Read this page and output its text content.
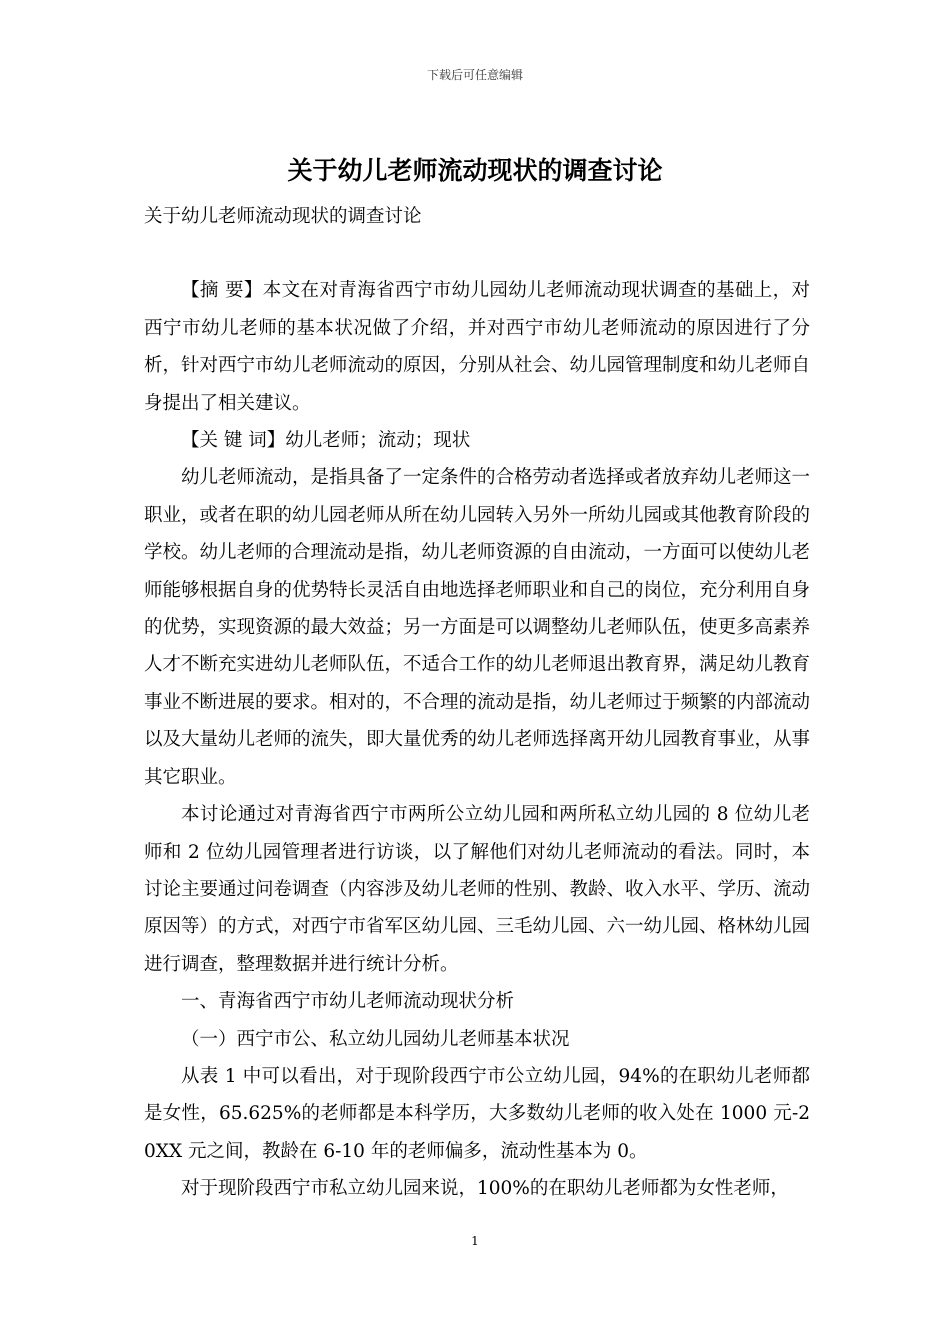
下载后可任意编辑
关于幼儿老师流动现状的调查讨论

关于幼儿老师流动现状的调查讨论

【摘 要】本文在对青海省西宁市幼儿园幼儿老师流动现状调查的基础上，对西宁市幼儿老师的基本状况做了介绍，并对西宁市幼儿老师流动的原因进行了分析，针对西宁市幼儿老师流动的原因，分别从社会、幼儿园管理制度和幼儿老师自身提出了相关建议。

【关 键 词】幼儿老师；流动；现状

幼儿老师流动，是指具备了一定条件的合格劳动者选择或者放弃幼儿老师这一职业，或者在职的幼儿园老师从所在幼儿园转入另外一所幼儿园或其他教育阶段的学校。幼儿老师的合理流动是指，幼儿老师资源的自由流动，一方面可以使幼儿老师能够根据自身的优势特长灵活自由地选择老师职业和自己的岗位，充分利用自身的优势，实现资源的最大效益；另一方面是可以调整幼儿老师队伍，使更多高素养人才不断充实进幼儿老师队伍，不适合工作的幼儿老师退出教育界，满足幼儿教育事业不断进展的要求。相对的，不合理的流动是指，幼儿老师过于频繁的内部流动以及大量幼儿老师的流失，即大量优秀的幼儿老师选择离开幼儿园教育事业，从事其它职业。

本讨论通过对青海省西宁市两所公立幼儿园和两所私立幼儿园的 8 位幼儿老师和 2 位幼儿园管理者进行访谈，以了解他们对幼儿老师流动的看法。同时，本讨论主要通过问卷调查（内容涉及幼儿老师的性别、教龄、收入水平、学历、流动原因等）的方式，对西宁市省军区幼儿园、三毛幼儿园、六一幼儿园、格林幼儿园进行调查，整理数据并进行统计分析。

一、青海省西宁市幼儿老师流动现状分析

（一）西宁市公、私立幼儿园幼儿老师基本状况

从表 1 中可以看出，对于现阶段西宁市公立幼儿园，94%的在职幼儿老师都是女性，65.625%的老师都是本科学历，大多数幼儿老师的收入处在 1000 元-20XX 元之间，教龄在 6-10 年的老师偏多，流动性基本为 0。

对于现阶段西宁市私立幼儿园来说，100%的在职幼儿老师都为女性老师，

1
